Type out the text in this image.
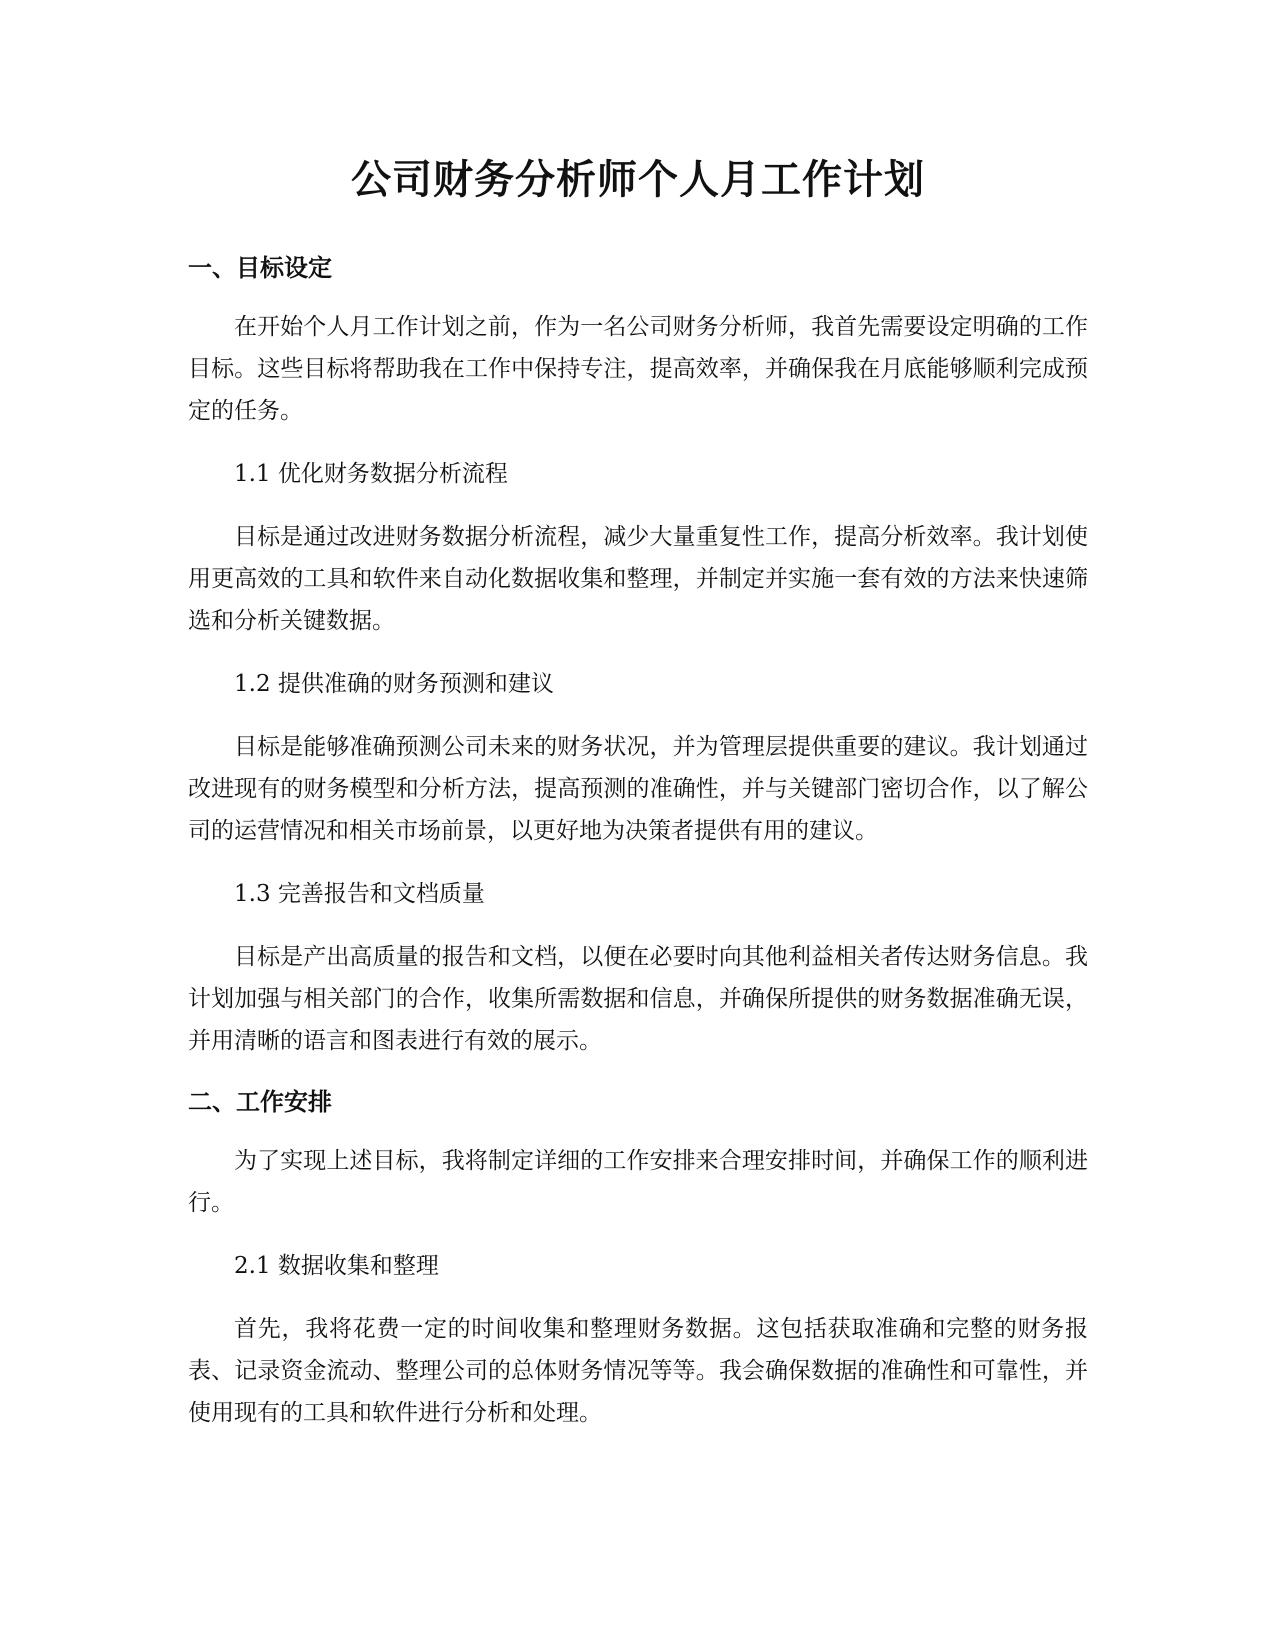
公司财务分析师个人月工作计划
一、目标设定

在开始个人月工作计划之前，作为一名公司财务分析师，我首先需要设定明确的工作目标。这些目标将帮助我在工作中保持专注，提高效率，并确保我在月底能够顺利完成预定的任务。

1.1 优化财务数据分析流程

目标是通过改进财务数据分析流程，减少大量重复性工作，提高分析效率。我计划使用更高效的工具和软件来自动化数据收集和整理，并制定并实施一套有效的方法来快速筛选和分析关键数据。

1.2 提供准确的财务预测和建议

目标是能够准确预测公司未来的财务状况，并为管理层提供重要的建议。我计划通过改进现有的财务模型和分析方法，提高预测的准确性，并与关键部门密切合作，以了解公司的运营情况和相关市场前景，以更好地为决策者提供有用的建议。

1.3 完善报告和文档质量

目标是产出高质量的报告和文档，以便在必要时向其他利益相关者传达财务信息。我计划加强与相关部门的合作，收集所需数据和信息，并确保所提供的财务数据准确无误，并用清晰的语言和图表进行有效的展示。

二、工作安排

为了实现上述目标，我将制定详细的工作安排来合理安排时间，并确保工作的顺利进行。

2.1 数据收集和整理

首先，我将花费一定的时间收集和整理财务数据。这包括获取准确和完整的财务报表、记录资金流动、整理公司的总体财务情况等等。我会确保数据的准确性和可靠性，并使用现有的工具和软件进行分析和处理。
